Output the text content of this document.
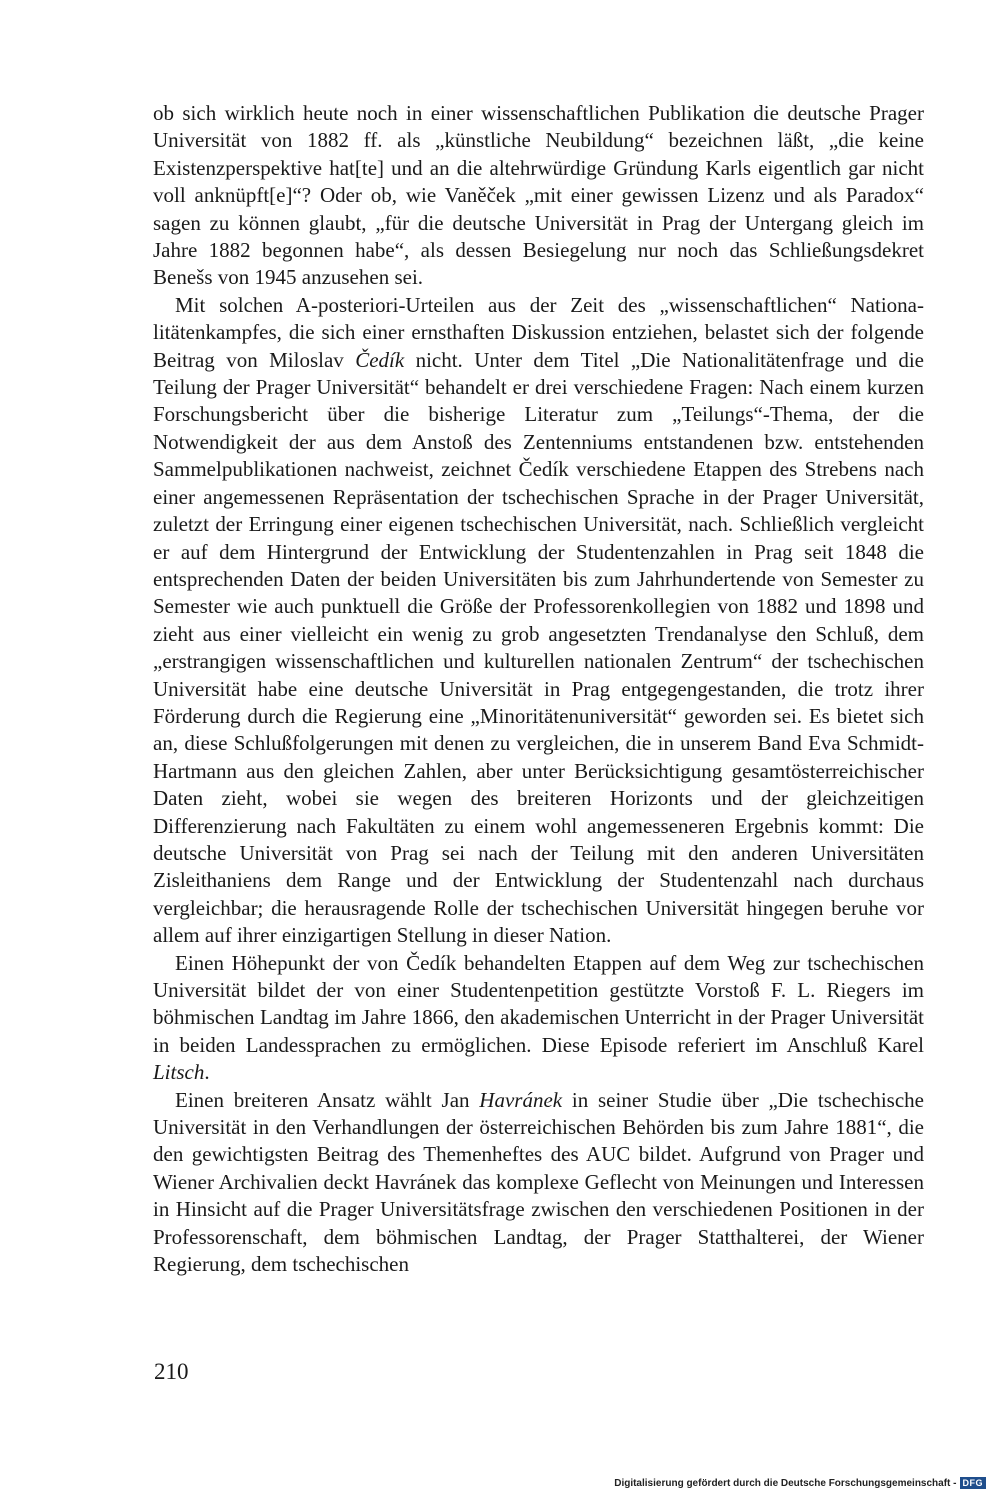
ob sich wirklich heute noch in einer wissenschaftlichen Publikation die deutsche Prager Universität von 1882 ff. als „künstliche Neubildung“ bezeichnen läßt, „die keine Existenzperspektive hat[te] und an die altehrwürdige Gründung Karls eigentlich gar nicht voll anknüpft[e]“? Oder ob, wie Vaněček „mit einer gewissen Lizenz und als Paradox“ sagen zu können glaubt, „für die deutsche Universität in Prag der Untergang gleich im Jahre 1882 begonnen habe“, als dessen Besiegelung nur noch das Schließungsdekret Benešs von 1945 anzusehen sei.

Mit solchen A-posteriori-Urteilen aus der Zeit des „wissenschaftlichen“ Nationalitätenkampfes, die sich einer ernsthaften Diskussion entziehen, belastet sich der folgende Beitrag von Miloslav Čedík nicht. Unter dem Titel „Die Nationalitätenfrage und die Teilung der Prager Universität“ behandelt er drei verschiedene Fragen: Nach einem kurzen Forschungsbericht über die bisherige Literatur zum „Teilungs“-Thema, der die Notwendigkeit der aus dem Anstoß des Zentenniums entstandenen bzw. entstehenden Sammelpublikationen nachweist, zeichnet Čedík verschiedene Etappen des Strebens nach einer angemessenen Repräsentation der tschechischen Sprache in der Prager Universität, zuletzt der Erringung einer eigenen tschechischen Universität, nach. Schließlich vergleicht er auf dem Hintergrund der Entwicklung der Studentenzahlen in Prag seit 1848 die entsprechenden Daten der beiden Universitäten bis zum Jahrhundertende von Semester zu Semester wie auch punktuell die Größe der Professorenkollegien von 1882 und 1898 und zieht aus einer vielleicht ein wenig zu grob angesetzten Trendanalyse den Schluß, dem „erstrangigen wissenschaftlichen und kulturellen nationalen Zentrum“ der tschechischen Universität habe eine deutsche Universität in Prag entgegengestanden, die trotz ihrer Förderung durch die Regierung eine „Minoritätenuniversität“ geworden sei. Es bietet sich an, diese Schlußfolgerungen mit denen zu vergleichen, die in unserem Band Eva Schmidt-Hartmann aus den gleichen Zahlen, aber unter Berücksichtigung gesamtösterreichischer Daten zieht, wobei sie wegen des breiteren Horizonts und der gleichzeitigen Differenzierung nach Fakultäten zu einem wohl angemesseneren Ergebnis kommt: Die deutsche Universität von Prag sei nach der Teilung mit den anderen Universitäten Zisleithaniens dem Range und der Entwicklung der Studentenzahl nach durchaus vergleichbar; die herausragende Rolle der tschechischen Universität hingegen beruhe vor allem auf ihrer einzigartigen Stellung in dieser Nation.

Einen Höhepunkt der von Čedík behandelten Etappen auf dem Weg zur tschechischen Universität bildet der von einer Studentenpetition gestützte Vorstoß F. L. Riegers im böhmischen Landtag im Jahre 1866, den akademischen Unterricht in der Prager Universität in beiden Landessprachen zu ermöglichen. Diese Episode referiert im Anschluß Karel Litsch.

Einen breiteren Ansatz wählt Jan Havránek in seiner Studie über „Die tschechische Universität in den Verhandlungen der österreichischen Behörden bis zum Jahre 1881“, die den gewichtigsten Beitrag des Themenheftes des AUC bildet. Aufgrund von Prager und Wiener Archivalien deckt Havránek das komplexe Geflecht von Meinungen und Interessen in Hinsicht auf die Prager Universitätsfrage zwischen den verschiedenen Positionen in der Professorenschaft, dem böhmischen Landtag, der Prager Statthalterei, der Wiener Regierung, dem tschechischen

210
Digitalisierung gefördert durch die Deutsche Forschungsgemeinschaft - DFG
